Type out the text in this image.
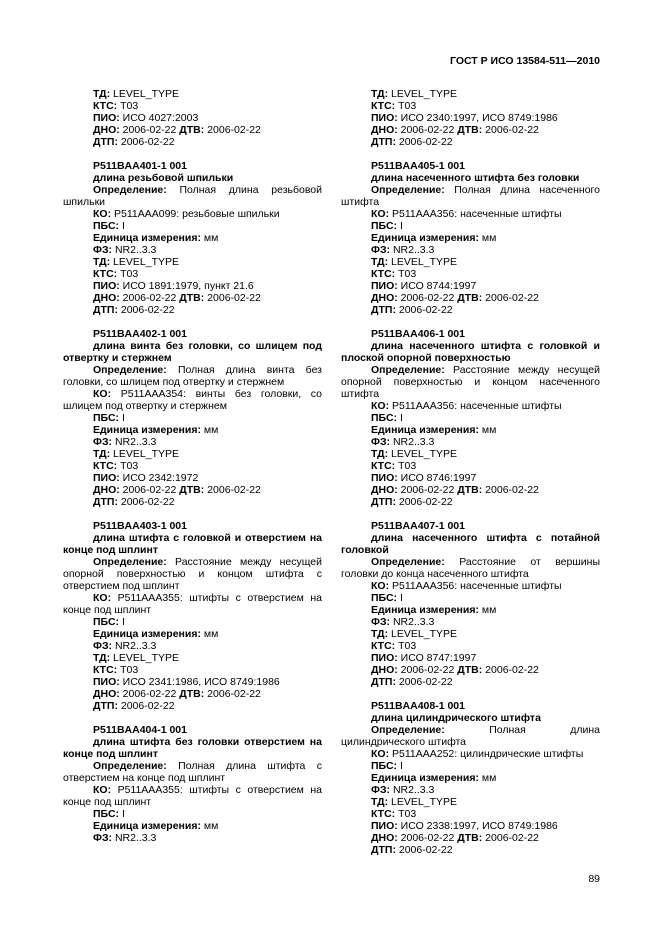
ГОСТ Р ИСО 13584-511—2010

ТД: LEVEL_TYPE

КТС: Т03

ПИО: ИСО 4027:2003

ДНО: 2006-02-22 ДТВ: 2006-02-22

ДТП: 2006-02-22

P511BAA401-1 001

длина резьбовой шпильки

Определение: Полная длина резьбовой шпильки

КО: P511AAA099: резьбовые шпильки

ПБС: I

Единица измерения: мм

ФЗ: NR2..3.3

ТД: LEVEL_TYPE

КТС: Т03

ПИО: ИСО 1891:1979, пункт 21.6

ДНО: 2006-02-22 ДТВ: 2006-02-22

ДТП: 2006-02-22

P511BAA402-1 001

длина винта без головки, со шлицем под отвертку и стержнем

Определение: Полная длина винта без головки, со шлицем под отвертку и стержнем

КО: P511AAA354: винты без головки, со шлицем под отвертку и стержнем

ПБС: I

Единица измерения: мм

ФЗ: NR2..3.3

ТД: LEVEL_TYPE

КТС: Т03

ПИО: ИСО 2342:1972

ДНО: 2006-02-22 ДТВ: 2006-02-22

ДТП: 2006-02-22

P511BAA403-1 001

длина штифта с головкой и отверстием на конце под шплинт

Определение: Расстояние между несущей опорной поверхностью и концом штифта с отверстием под шплинт

КО: P511AAA355: штифты с отверстием на конце под шплинт

ПБС: I

Единица измерения: мм

ФЗ: NR2..3.3

ТД: LEVEL_TYPE

КТС: Т03

ПИО: ИСО 2341:1986, ИСО 8749:1986

ДНО: 2006-02-22 ДТВ: 2006-02-22

ДТП: 2006-02-22

P511BAA404-1 001

длина штифта без головки отверстием на конце под шплинт

Определение: Полная длина штифта с отверстием на конце под шплинт

КО: P511AAA355: штифты с отверстием на конце под шплинт

ПБС: I

Единица измерения: мм

ФЗ: NR2..3.3

ТД: LEVEL_TYPE

КТС: Т03

ПИО: ИСО 2340:1997, ИСО 8749:1986

ДНО: 2006-02-22 ДТВ: 2006-02-22

ДТП: 2006-02-22

P511BAA405-1 001

длина насеченного штифта без головки

Определение: Полная длина насеченного штифта

КО: P511AAA356: насеченные штифты

ПБС: I

Единица измерения: мм

ФЗ: NR2..3.3

ТД: LEVEL_TYPE

КТС: Т03

ПИО: ИСО 8744:1997

ДНО: 2006-02-22 ДТВ: 2006-02-22

ДТП: 2006-02-22

P511BAA406-1 001

длина насеченного штифта с головкой и плоской опорной поверхностью

Определение: Расстояние между несущей опорной поверхностью и концом насеченного штифта

КО: P511AAA356: насеченные штифты

ПБС: I

Единица измерения: мм

ФЗ: NR2..3.3

ТД: LEVEL_TYPE

КТС: Т03

ПИО: ИСО 8746:1997

ДНО: 2006-02-22 ДТВ: 2006-02-22

ДТП: 2006-02-22

P511BAA407-1 001

длина насеченного штифта с потайной головкой

Определение: Расстояние от вершины головки до конца насеченного штифта

КО: P511AAA356: насеченные штифты

ПБС: I

Единица измерения: мм

ФЗ: NR2..3.3

ТД: LEVEL_TYPE

КТС: Т03

ПИО: ИСО 8747:1997

ДНО: 2006-02-22 ДТВ: 2006-02-22

ДТП: 2006-02-22

P511BAA408-1 001

длина цилиндрического штифта

Определение: Полная длина цилиндрического штифта

КО: P511AAA252: цилиндрические штифты

ПБС: I

Единица измерения: мм

ФЗ: NR2..3.3

ТД: LEVEL_TYPE

КТС: Т03

ПИО: ИСО 2338:1997, ИСО 8749:1986

ДНО: 2006-02-22 ДТВ: 2006-02-22

ДТП: 2006-02-22

89
